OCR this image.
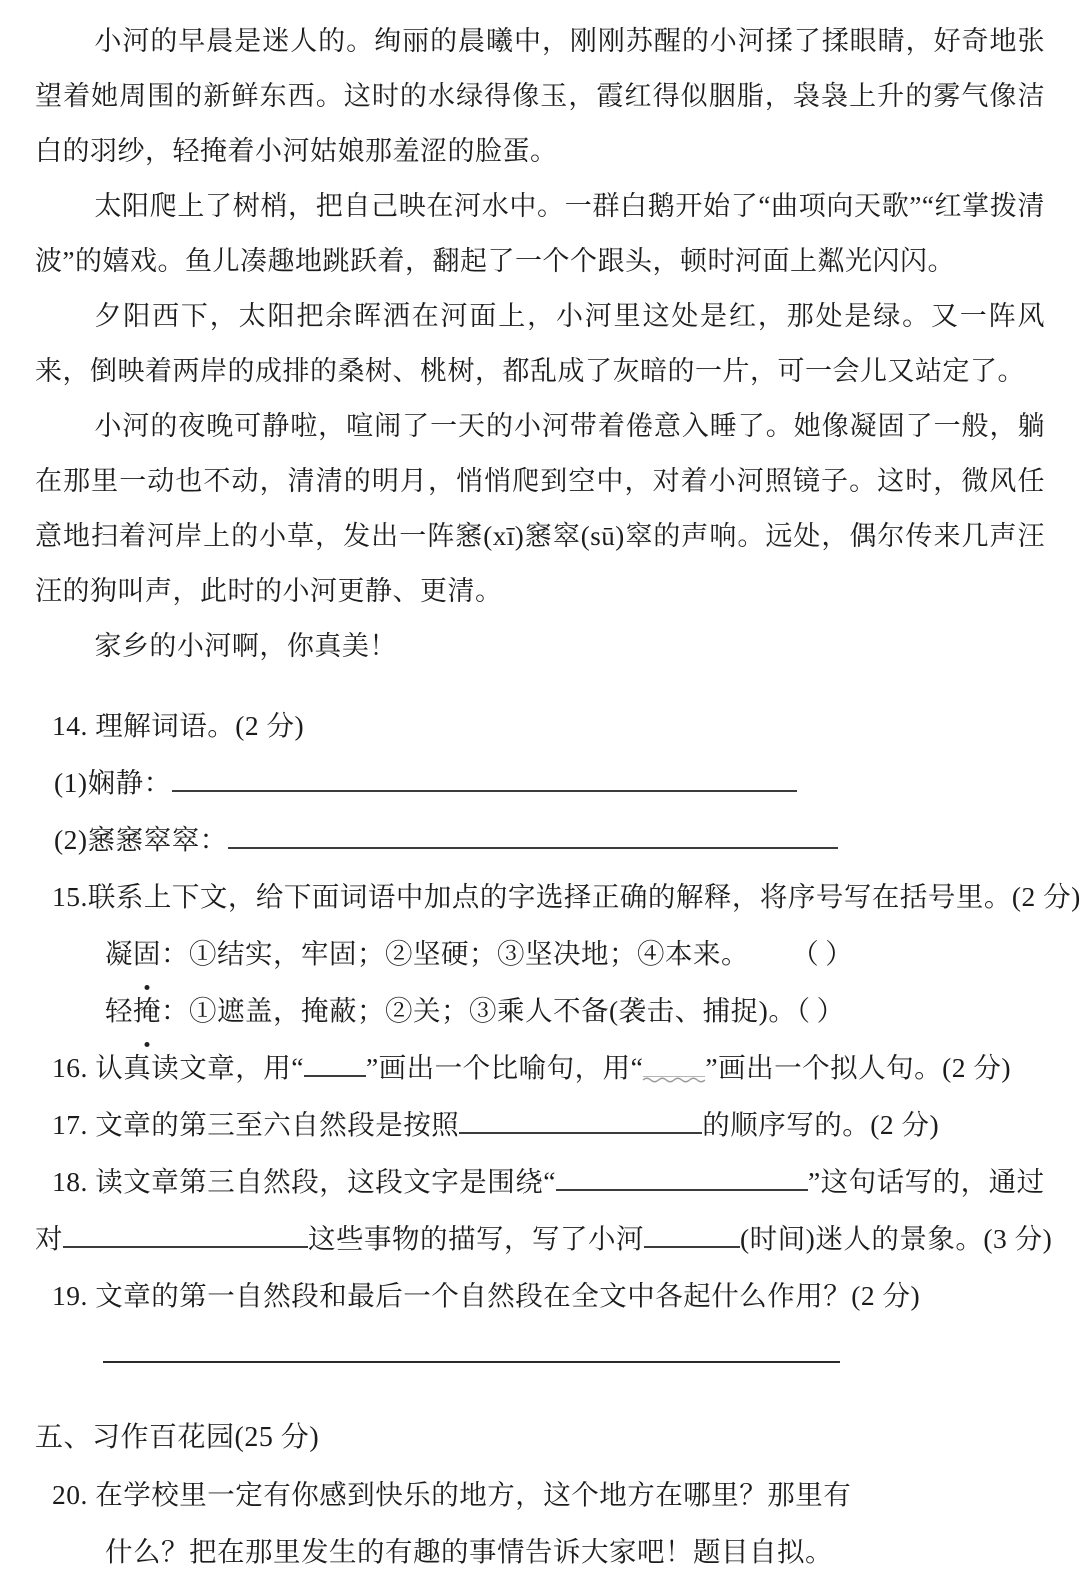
小河的早晨是迷人的。绚丽的晨曦中，刚刚苏醒的小河揉了揉眼睛，好奇地张望着她周围的新鲜东西。这时的水绿得像玉，霞红得似胭脂，袅袅上升的雾气像洁白的羽纱，轻掩着小河姑娘那羞涩的脸蛋。

太阳爬上了树梢，把自己映在河水中。一群白鹅开始了“曲项向天歌”“红掌拨清波”的嬉戏。鱼儿凑趣地跳跃着，翻起了一个个跟头，顿时河面上粼光闪闪。

夕阳西下，太阳把余晖洒在河面上，小河里这处是红，那处是绿。又一阵风来，倒映着两岸的成排的桑树、桃树，都乱成了灰暗的一片，可一会儿又站定了。

小河的夜晚可静啦，喧闹了一天的小河带着倦意入睡了。她像凝固了一般，躺在那里一动也不动，清清的明月，悄悄爬到空中，对着小河照镜子。这时，微风任意地扫着河岸上的小草，发出一阵窸(xī)窸窣(sū)窣的声响。远处，偶尔传来几声汪汪的狗叫声，此时的小河更静、更清。

家乡的小河啊，你真美！

14. 理解词语。(2 分)
(1)娴静：
(2)窸窸窣窣：
15.联系上下文，给下面词语中加点的字选择正确的解释，将序号写在括号里。(2 分)
凝固：①结实，牢固；②坚硬；③坚决地；④本来。 （ ）
轻掩：①遮盖，掩蔽；②关；③乘人不备(袭击、捕捉)。（ ）
16. 认真读文章，用“ ”画出一个比喻句，用“ ”画出一个拟人句。(2 分)
17. 文章的第三至六自然段是按照	的顺序写的。(2 分)
18. 读文章第三自然段，这段文字是围绕“	”这句话写的，通过
对	这些事物的描写，写了小河	(时间)迷人的景象。(3 分)
19. 文章的第一自然段和最后一个自然段在全文中各起什么作用？(2 分)
五、习作百花园(25 分)
20. 在学校里一定有你感到快乐的地方，这个地方在哪里？那里有
什么？把在那里发生的有趣的事情告诉大家吧！题目自拟。
